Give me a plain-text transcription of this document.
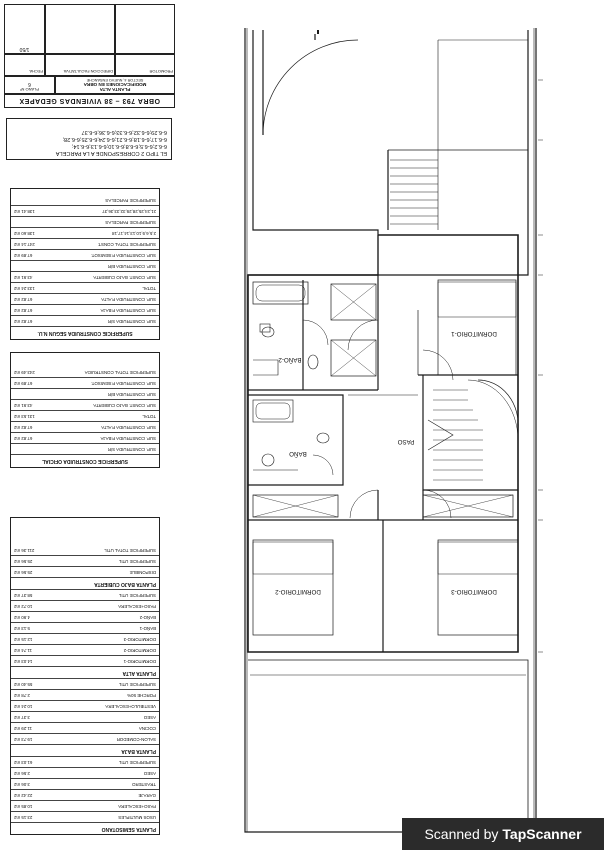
OBRA 793 – 38 VIVIENDAS GEDAPEX
PLANTA ALTA
MODIFICACIONES EN OBRA
SECTOR 4, NUEVO ENSANCHE
PLANO Nº
6
PROMOTOR
DIRECCION FACULTATIVA
FECHA
1/50
EL TIPO 2 CORRESPONDE A LA PARCELA
6-6.2;6-6.5;6-6.8;6-6.10;6-6.13;6-6.14;
6-6.17;6-6.18;6-6.21;6-6.24;6-6.25;6-6.28;
6-6.29;6-6.32;6-6.33;6-6.36;6-6.37
SUPERFICIE CONSTRUIDA SEGUN N.U.
SUP. CONSTRUIDA S/R
67.82 m2
SUP. CONSTRUIDA P.BAJA
67.82 m2
SUP. CONSTRUIDA P.ALTA
67.82 m2
TOTAL
133.24 m2
SUP. CONST. BAJO CUBIERTA
43.91 m2
SUP. CONSTRUIDA B/R
SUP. CONSTRUIDA P.SEMISOT.
67.89 m2
SUPERFICIE TOTAL CONST.
247.14 m2
2,5,6,9,10,13,14,17,18
138.60 m2
SUPERFICIE PARCELAS
21,24,25,28,29,32,33,36,37
138.41 m2
SUPERFICIE PARCELAS
SUPERFICIE CONSTRUIDA OFICIAL
SUP. CONSTRUIDA S/R
SUP. CONSTRUIDA P.BAJA
67.82 m2
SUP. CONSTRUIDA P.ALTA
67.82 m2
TOTAL
131.53 m2
SUP. CONST. BAJO CUBIERTA
43.91 m2
SUP. CONSTRUIDA B/R
SUP. CONSTRUIDA P.SEMISOT.
67.89 m2
SUPERFICIE TOTAL CONSTRUIDA
243.49 m2
PLANTA SEMISOTANO
USOS MULTIPLES
23.15 m2
PASO+ESCALERA
10.85 m2
GARAJE
22.42 m2
TRASTERO
3.06 m2
ASEO
2.56 m2
SUPERFICIE UTIL
61.03 m2
PLANTA BAJA
SALON-COMEDOR
19.73 m2
COCINA
11.29 m2
ASEO
3.37 m2
VESTIBULO+ESCALERA
10.24 m2
PORCHE 50%
2.78 m2
SUPERFICIE UTIL
55.40 m2
PLANTA ALTA
DORMITORIO-1
14.03 m2
DORMITORIO-2
11.74 m2
DORMITORIO-3
12.15 m2
BAÑO-1
5.13 m2
BAÑO-2
4.90 m2
PASO+ESCALERA
10.72 m2
SUPERFICIE UTIL
58.37 m2
PLANTA BAJO CUBIERTA
DISPONIBLE
25.56 m2
SUPERFICIE UTIL
25.56 m2
SUPERFICIE TOTAL UTIL
211.36 m2
DORMITORIO-1
BAÑO-2
BAÑO
PASO
DORMITORIO-2	DORMITORIO-3
Scanned by TapScanner
